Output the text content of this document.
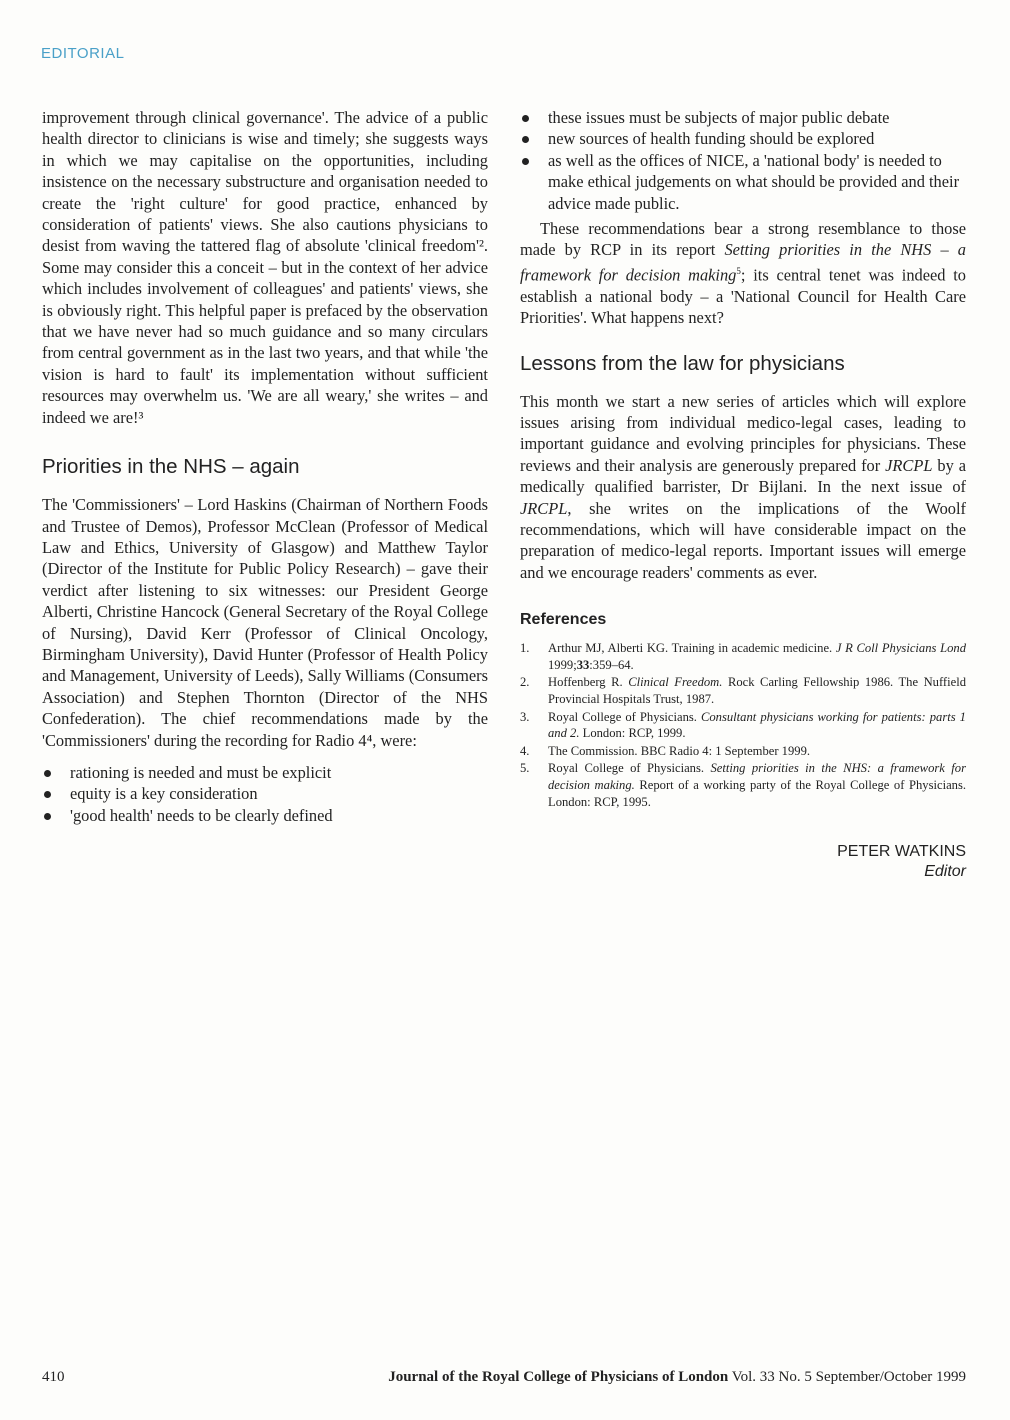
EDITORIAL

improvement through clinical governance'. The advice of a public health director to clinicians is wise and timely; she suggests ways in which we may capitalise on the opportunities, including insistence on the necessary substructure and organisation needed to create the 'right culture' for good practice, enhanced by consideration of patients' views. She also cautions physicians to desist from waving the tattered flag of absolute 'clinical freedom'². Some may consider this a conceit – but in the context of her advice which includes involvement of colleagues' and patients' views, she is obviously right. This helpful paper is prefaced by the observation that we have never had so much guidance and so many circulars from central government as in the last two years, and that while 'the vision is hard to fault' its implementation without sufficient resources may overwhelm us. 'We are all weary,' she writes – and indeed we are!³

Priorities in the NHS – again

The 'Commissioners' – Lord Haskins (Chairman of Northern Foods and Trustee of Demos), Professor McClean (Professor of Medical Law and Ethics, University of Glasgow) and Matthew Taylor (Director of the Institute for Public Policy Research) – gave their verdict after listening to six witnesses: our President George Alberti, Christine Hancock (General Secretary of the Royal College of Nursing), David Kerr (Professor of Clinical Oncology, Birmingham University), David Hunter (Professor of Health Policy and Management, University of Leeds), Sally Williams (Consumers Association) and Stephen Thornton (Director of the NHS Confederation). The chief recommendations made by the 'Commissioners' during the recording for Radio 4⁴, were:

rationing is needed and must be explicit
equity is a key consideration
'good health' needs to be clearly defined
these issues must be subjects of major public debate
new sources of health funding should be explored
as well as the offices of NICE, a 'national body' is needed to make ethical judgements on what should be provided and their advice made public.

These recommendations bear a strong resemblance to those made by RCP in its report Setting priorities in the NHS – a framework for decision making$^5$; its central tenet was indeed to establish a national body – a 'National Council for Health Care Priorities'. What happens next?

Lessons from the law for physicians

This month we start a new series of articles which will explore issues arising from individual medico-legal cases, leading to important guidance and evolving principles for physicians. These reviews and their analysis are generously prepared for JRCPL by a medically qualified barrister, Dr Bijlani. In the next issue of JRCPL, she writes on the implications of the Woolf recommendations, which will have considerable impact on the preparation of medico-legal reports. Important issues will emerge and we encourage readers' comments as ever.

References
1.	Arthur MJ, Alberti KG. Training in academic medicine. J R Coll Physicians Lond 1999;33:359–64.
2.	Hoffenberg R. Clinical Freedom. Rock Carling Fellowship 1986. The Nuffield Provincial Hospitals Trust, 1987.
3.	Royal College of Physicians. Consultant physicians working for patients: parts 1 and 2. London: RCP, 1999.
4.	The Commission. BBC Radio 4: 1 September 1999.
5.	Royal College of Physicians. Setting priorities in the NHS: a framework for decision making. Report of a working party of the Royal College of Physicians. London: RCP, 1995.
PETER WATKINS
Editor
410	Journal of the Royal College of Physicians of London Vol. 33 No. 5 September/October 1999
